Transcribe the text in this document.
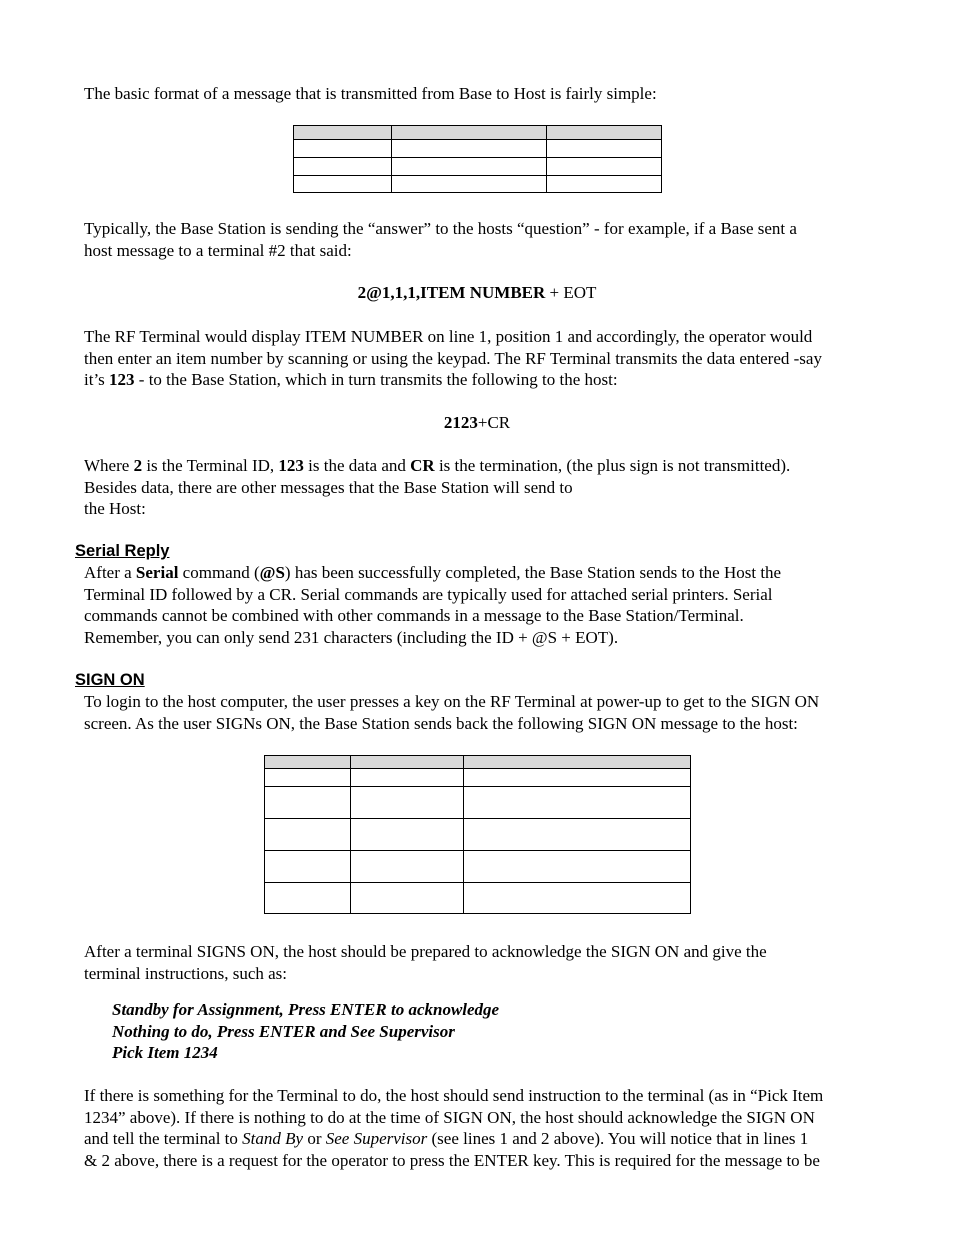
The basic format of a message that is transmitted from Base to Host is fairly simple:

Typically, the Base Station is sending the “answer” to the hosts “question” - for example, if a Base sent a
host message to a terminal #2 that said:

2@1,1,1,ITEM NUMBER + EOT

The RF Terminal would display ITEM NUMBER on line 1, position 1 and accordingly, the operator would
then enter an item number by scanning or using the keypad. The RF Terminal transmits the data entered -say
it’s 123 - to the Base Station, which in turn transmits the following to the host:

2123+CR

Where 2 is the Terminal ID, 123 is the data and CR is the termination, (the plus sign is not transmitted).
Besides data, there are other messages that the Base Station will send to
the Host:

Serial Reply

After a Serial command (@S) has been successfully completed, the Base Station sends to the Host the
Terminal ID followed by a CR. Serial commands are typically used for attached serial printers. Serial
commands cannot be combined with other commands in a message to the Base Station/Terminal.
Remember, you can only send 231 characters (including the ID + @S + EOT).

SIGN ON

To login to the host computer, the user presses a key on the RF Terminal at power-up to get to the SIGN ON
screen. As the user SIGNs ON, the Base Station sends back the following SIGN ON message to the host:

After a terminal SIGNS ON, the host should be prepared to acknowledge the SIGN ON and give the
terminal instructions, such as:
Standby for Assignment, Press ENTER to acknowledge
Nothing to do, Press ENTER and See Supervisor
Pick Item 1234
If there is something for the Terminal to do, the host should send instruction to the terminal (as in “Pick Item
1234” above). If there is nothing to do at the time of SIGN ON, the host should acknowledge the SIGN ON
and tell the terminal to Stand By or See Supervisor (see lines 1 and 2 above). You will notice that in lines 1
& 2 above, there is a request for the operator to press the ENTER key. This is required for the message to be
